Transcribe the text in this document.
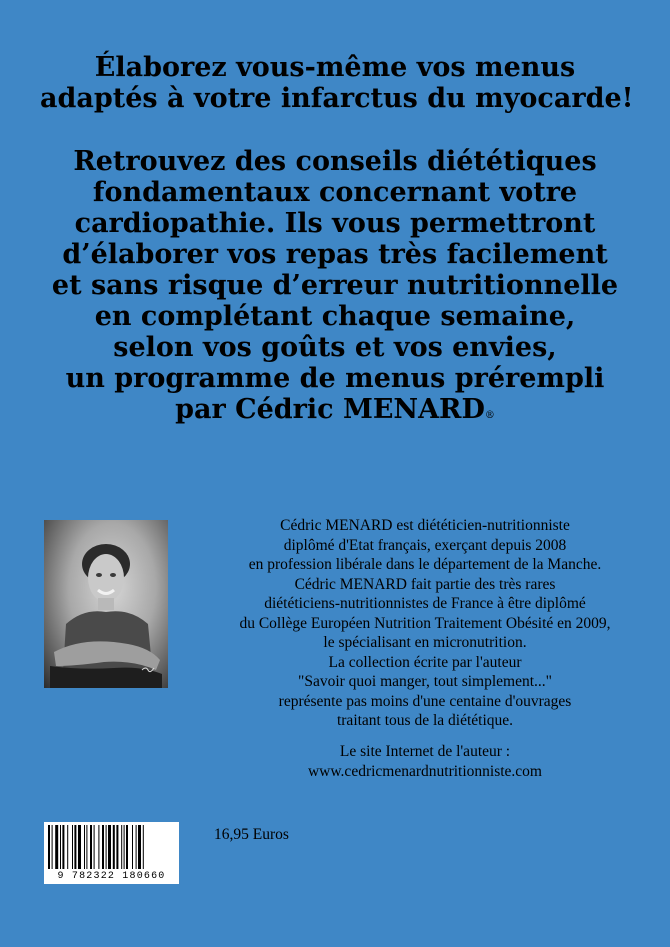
Élaborez vous-même vos menus
adaptés à votre infarctus du myocarde!
Retrouvez des conseils diététiques
fondamentaux concernant votre
cardiopathie. Ils vous permettront
d’élaborer vos repas très facilement
et sans risque d’erreur nutritionnelle
en complétant chaque semaine,
selon vos goûts et vos envies,
un programme de menus prérempli
par Cédric MENARD®
Cédric MENARD est diététicien-nutritionniste
diplômé d'Etat français, exerçant depuis 2008
en profession libérale dans le département de la Manche.
Cédric MENARD fait partie des très rares
diététiciens-nutritionnistes de France à être diplômé
du Collège Européen Nutrition Traitement Obésité en 2009,
le spécialisant en micronutrition.
La collection écrite par l'auteur
"Savoir quoi manger, tout simplement..."
représente pas moins d'une centaine d'ouvrages
traitant tous de la diététique.
Le site Internet de l'auteur :
www.cedricmenardnutritionniste.com
9 782322 180660
16,95 Euros
